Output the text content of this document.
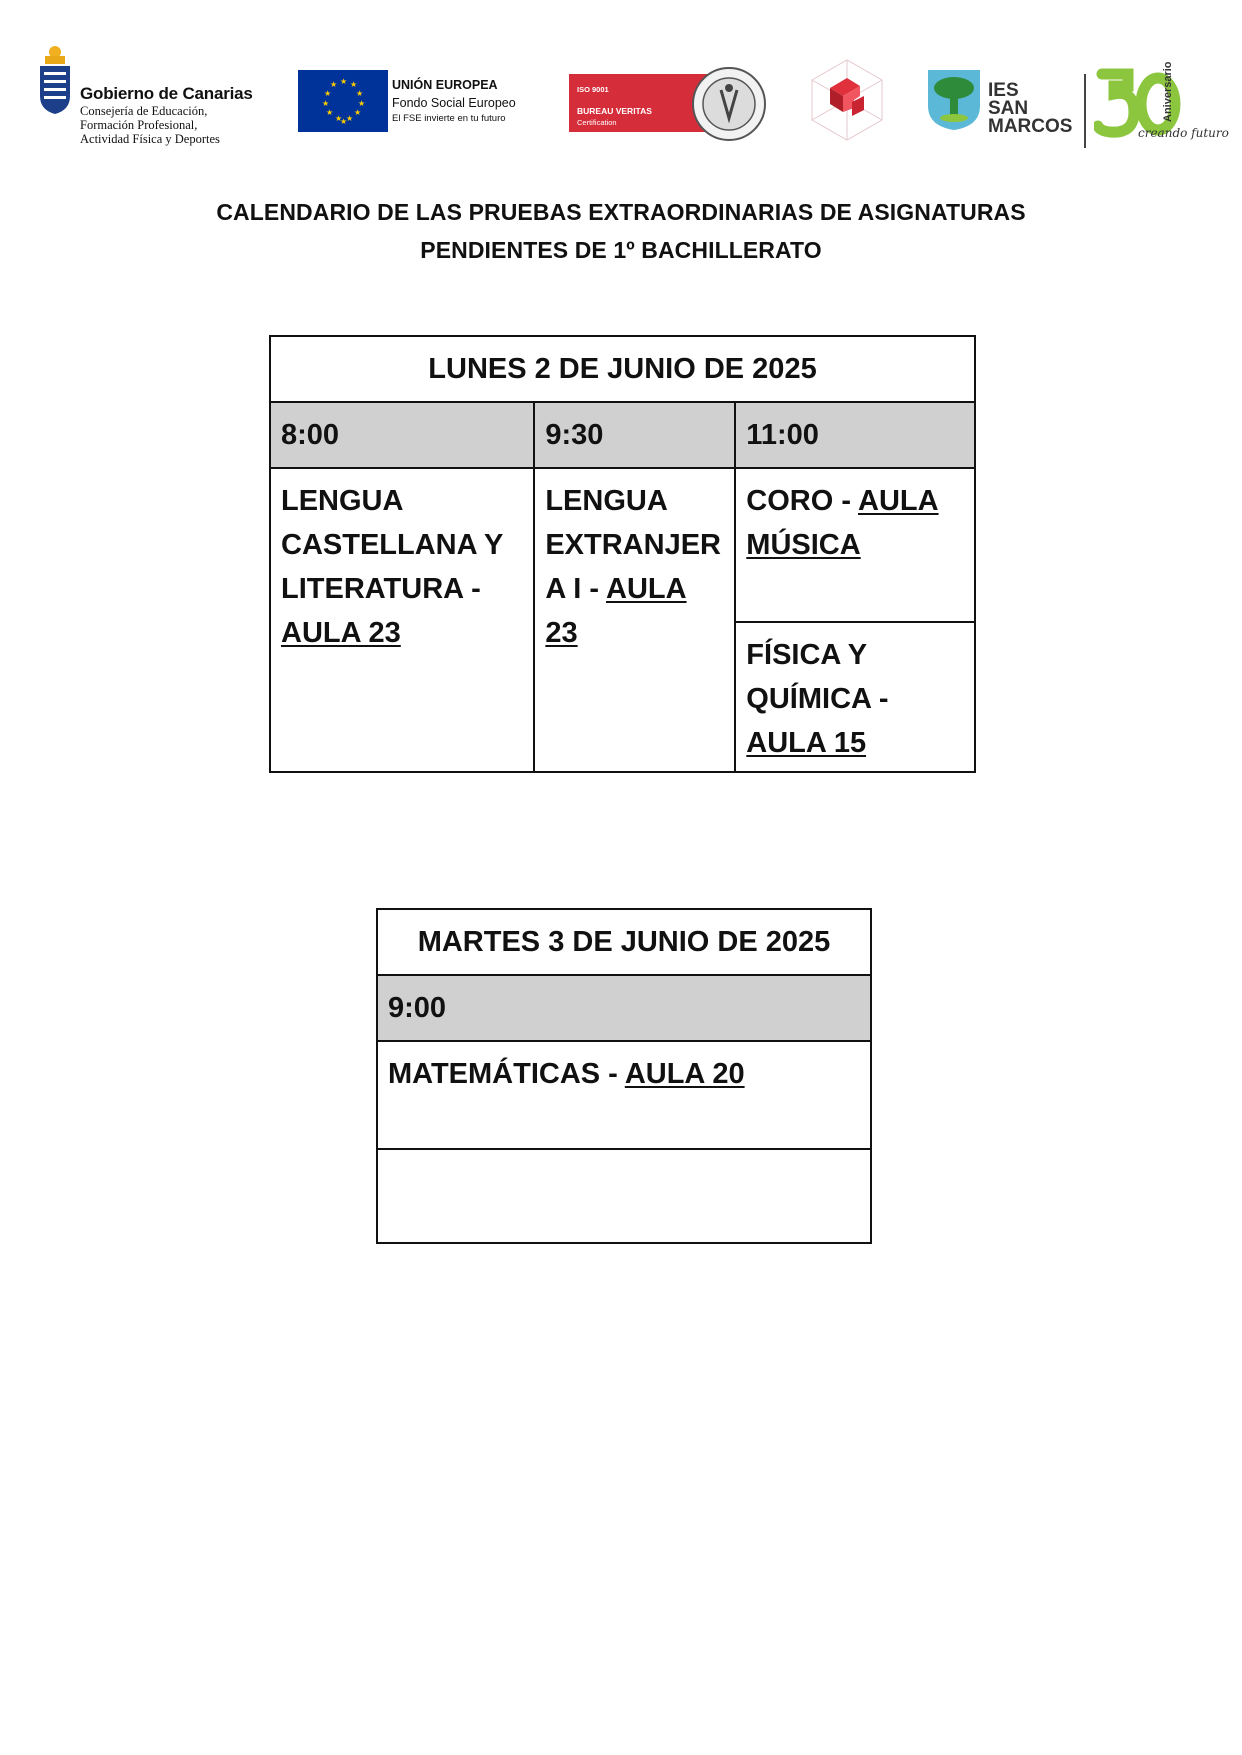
Gobierno de Canarias
Consejería de Educación,
Formación Profesional,
Actividad Física y Deportes
★ ★
★
★
★
★
★
★
★
★
★
★
UNIÓN EUROPEA
Fondo Social Europeo
El FSE invierte en tu futuro
ISO 9001
BUREAU VERITAS
Certification
IES
SAN
MARCOS
Aniversario
creando futuro
CALENDARIO DE LAS PRUEBAS EXTRAORDINARIAS DE ASIGNATURAS
PENDIENTES DE 1º BACHILLERATO
LUNES 2 DE JUNIO DE 2025		
8:00	9:30	11:00

LENGUA CASTELLANA Y LITERATURA - AULA 23	LENGUA EXTRANJER A I - AULA 23	CORO - AULA MÚSICA

		FÍSICA Y QUÍMICA - AULA 15
MARTES 3 DE JUNIO DE 2025
9:00

MATEMÁTICAS - AULA 20
